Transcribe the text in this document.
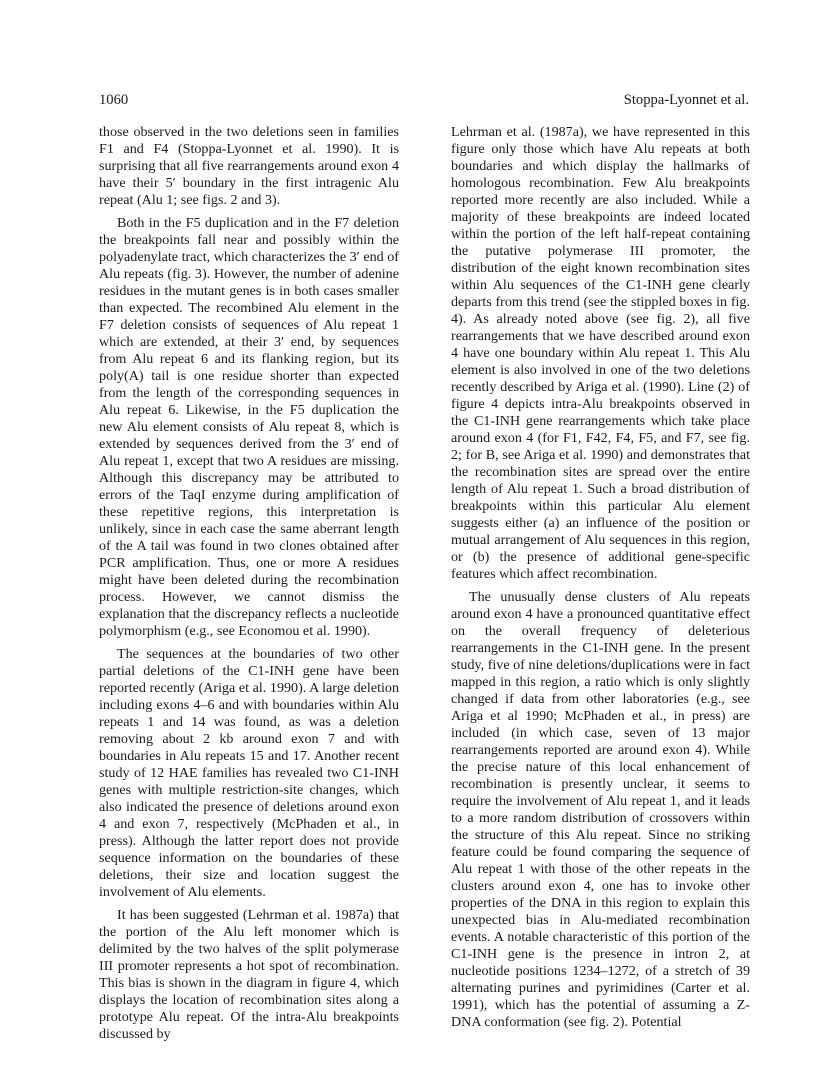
1060	Stoppa-Lyonnet et al.

those observed in the two deletions seen in families F1 and F4 (Stoppa-Lyonnet et al. 1990). It is surprising that all five rearrangements around exon 4 have their 5′ boundary in the first intragenic Alu repeat (Alu 1; see figs. 2 and 3).

Both in the F5 duplication and in the F7 deletion the breakpoints fall near and possibly within the polyadenylate tract, which characterizes the 3′ end of Alu repeats (fig. 3). However, the number of adenine residues in the mutant genes is in both cases smaller than expected. The recombined Alu element in the F7 deletion consists of sequences of Alu repeat 1 which are extended, at their 3′ end, by sequences from Alu repeat 6 and its flanking region, but its poly(A) tail is one residue shorter than expected from the length of the corresponding sequences in Alu repeat 6. Likewise, in the F5 duplication the new Alu element consists of Alu repeat 8, which is extended by sequences derived from the 3′ end of Alu repeat 1, except that two A residues are missing. Although this discrepancy may be attributed to errors of the TaqI enzyme during amplification of these repetitive regions, this interpretation is unlikely, since in each case the same aberrant length of the A tail was found in two clones obtained after PCR amplification. Thus, one or more A residues might have been deleted during the recombination process. However, we cannot dismiss the explanation that the discrepancy reflects a nucleotide polymorphism (e.g., see Economou et al. 1990).

The sequences at the boundaries of two other partial deletions of the C1-INH gene have been reported recently (Ariga et al. 1990). A large deletion including exons 4–6 and with boundaries within Alu repeats 1 and 14 was found, as was a deletion removing about 2 kb around exon 7 and with boundaries in Alu repeats 15 and 17. Another recent study of 12 HAE families has revealed two C1-INH genes with multiple restriction-site changes, which also indicated the presence of deletions around exon 4 and exon 7, respectively (McPhaden et al., in press). Although the latter report does not provide sequence information on the boundaries of these deletions, their size and location suggest the involvement of Alu elements.

It has been suggested (Lehrman et al. 1987a) that the portion of the Alu left monomer which is delimited by the two halves of the split polymerase III promoter represents a hot spot of recombination. This bias is shown in the diagram in figure 4, which displays the location of recombination sites along a prototype Alu repeat. Of the intra-Alu breakpoints discussed by

Lehrman et al. (1987a), we have represented in this figure only those which have Alu repeats at both boundaries and which display the hallmarks of homologous recombination. Few Alu breakpoints reported more recently are also included. While a majority of these breakpoints are indeed located within the portion of the left half-repeat containing the putative polymerase III promoter, the distribution of the eight known recombination sites within Alu sequences of the C1-INH gene clearly departs from this trend (see the stippled boxes in fig. 4). As already noted above (see fig. 2), all five rearrangements that we have described around exon 4 have one boundary within Alu repeat 1. This Alu element is also involved in one of the two deletions recently described by Ariga et al. (1990). Line (2) of figure 4 depicts intra-Alu breakpoints observed in the C1-INH gene rearrangements which take place around exon 4 (for F1, F42, F4, F5, and F7, see fig. 2; for B, see Ariga et al. 1990) and demonstrates that the recombination sites are spread over the entire length of Alu repeat 1. Such a broad distribution of breakpoints within this particular Alu element suggests either (a) an influence of the position or mutual arrangement of Alu sequences in this region, or (b) the presence of additional gene-specific features which affect recombination.

The unusually dense clusters of Alu repeats around exon 4 have a pronounced quantitative effect on the overall frequency of deleterious rearrangements in the C1-INH gene. In the present study, five of nine deletions/duplications were in fact mapped in this region, a ratio which is only slightly changed if data from other laboratories (e.g., see Ariga et al 1990; McPhaden et al., in press) are included (in which case, seven of 13 major rearrangements reported are around exon 4). While the precise nature of this local enhancement of recombination is presently unclear, it seems to require the involvement of Alu repeat 1, and it leads to a more random distribution of crossovers within the structure of this Alu repeat. Since no striking feature could be found comparing the sequence of Alu repeat 1 with those of the other repeats in the clusters around exon 4, one has to invoke other properties of the DNA in this region to explain this unexpected bias in Alu-mediated recombination events. A notable characteristic of this portion of the C1-INH gene is the presence in intron 2, at nucleotide positions 1234–1272, of a stretch of 39 alternating purines and pyrimidines (Carter et al. 1991), which has the potential of assuming a Z-DNA conformation (see fig. 2). Potential
